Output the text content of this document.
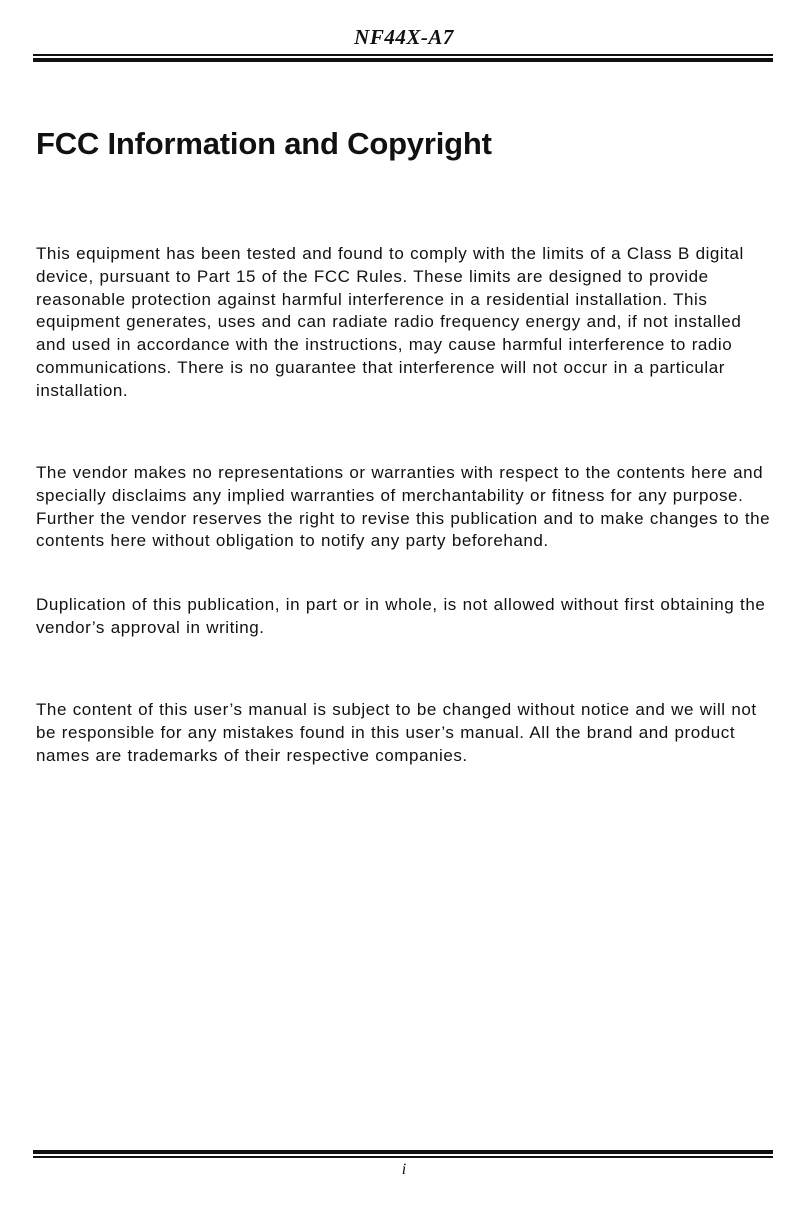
NF44X-A7
FCC Information and Copyright

This equipment has been tested and found to comply with the limits of a Class B digital device, pursuant to Part 15 of the FCC Rules. These limits are designed to provide reasonable protection against harmful interference in a residential installation. This equipment generates, uses and can radiate radio frequency energy and, if not installed and used in accordance with the instructions, may cause harmful interference to radio communications. There is no guarantee that interference will not occur in a particular installation.

The vendor makes no representations or warranties with respect to the contents here and specially disclaims any implied warranties of merchantability or fitness for any purpose. Further the vendor reserves the right to revise this publication and to make changes to the contents here without obligation to notify any party beforehand.

Duplication of this publication, in part or in whole, is not allowed without first obtaining the vendor’s approval in writing.

The content of this user’s manual is subject to be changed without notice and we will not be responsible for any mistakes found in this user’s manual. All the brand and product names are trademarks of their respective companies.

i
